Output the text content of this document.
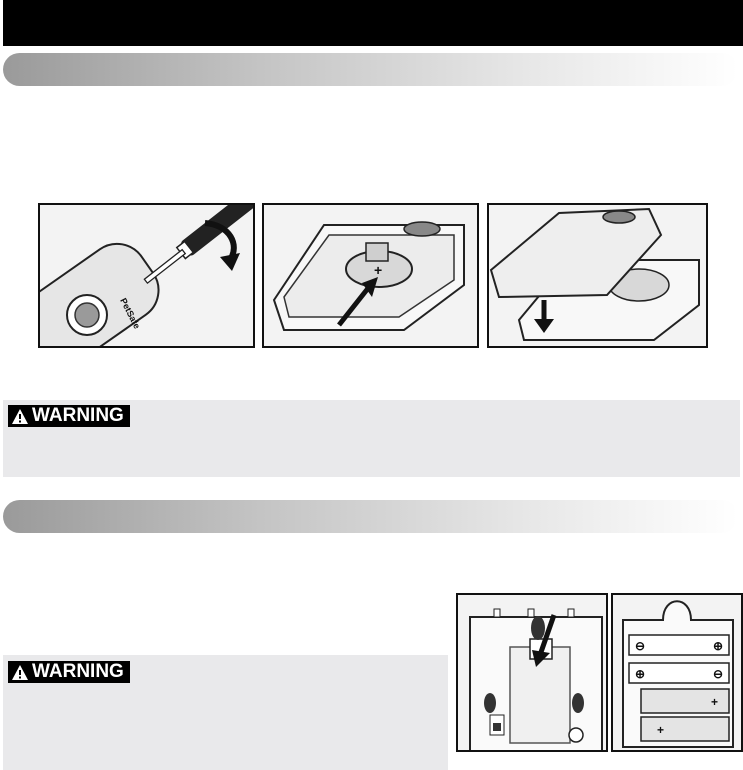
PetSafe
+
WARNING
WARNING
⊖	⊕
⊕	⊖
+
+
